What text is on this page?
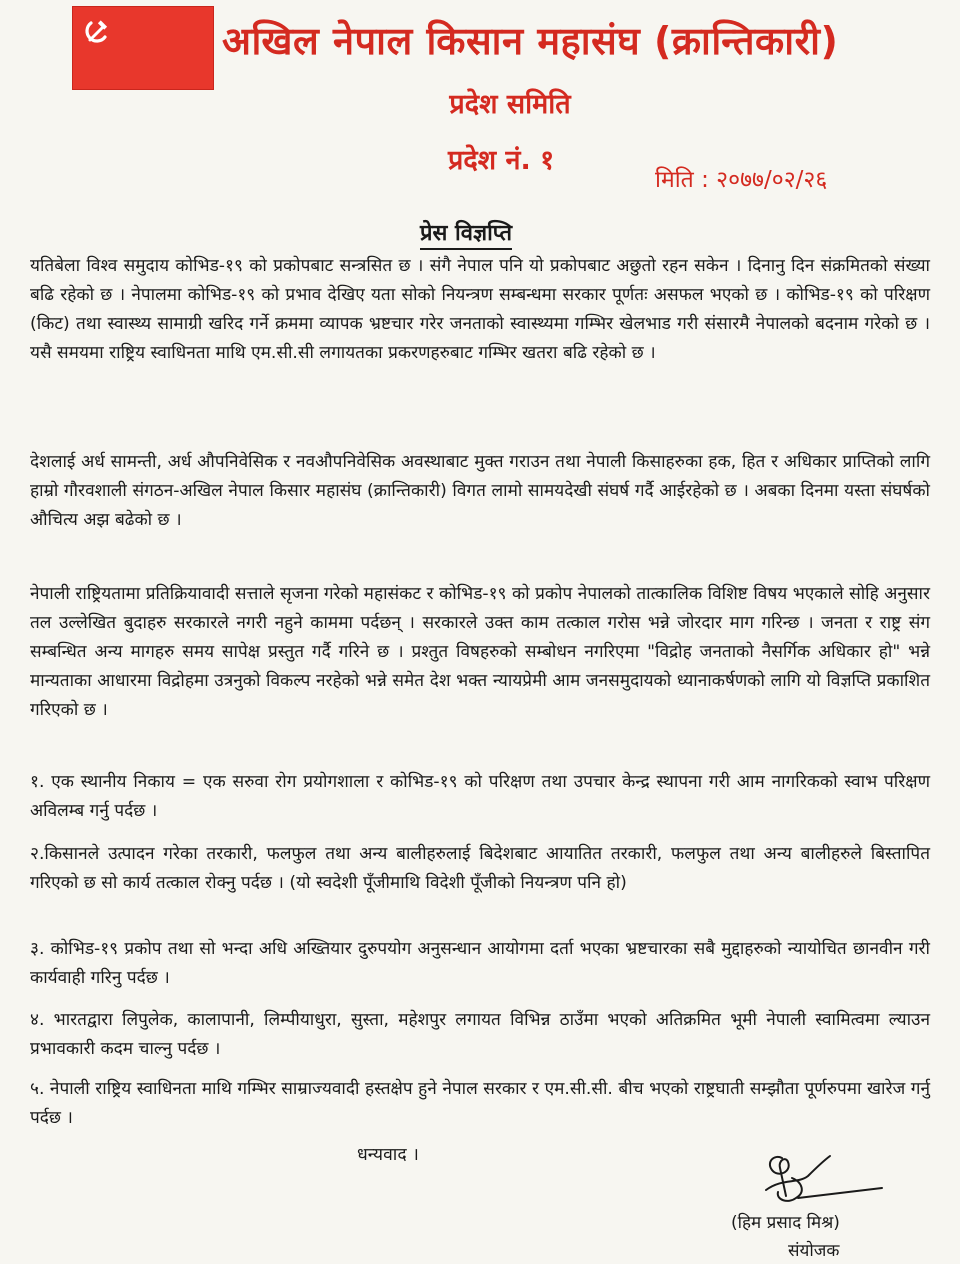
अखिल नेपाल किसान महासंघ (क्रान्तिकारी)
प्रदेश समिति
प्रदेश नं. १
मिति : २०७७/०२/२६
प्रेस विज्ञप्ति
यतिबेला विश्व समुदाय कोभिड-१९ को प्रकोपबाट सन्त्रसित छ । संगै नेपाल पनि यो प्रकोपबाट अछुतो रहन सकेन । दिनानु दिन संक्रमितको संख्या बढि रहेको छ । नेपालमा कोभिड-१९ को प्रभाव देखिए यता सोको नियन्त्रण सम्बन्धमा सरकार पूर्णतः असफल भएको छ । कोभिड-१९ को परिक्षण (किट) तथा स्वास्थ्य सामाग्री खरिद गर्ने क्रममा व्यापक भ्रष्टचार गरेर जनताको स्वास्थ्यमा गम्भिर खेलभाड गरी संसारमै नेपालको बदनाम गरेको छ । यसै समयमा राष्ट्रिय स्वाधिनता माथि एम.सी.सी लगायतका प्रकरणहरुबाट गम्भिर खतरा बढि रहेको छ ।
देशलाई अर्ध सामन्ती, अर्ध औपनिवेसिक र नवऔपनिवेसिक अवस्थाबाट मुक्त गराउन तथा नेपाली किसाहरुका हक, हित र अधिकार प्राप्तिको लागि हाम्रो गौरवशाली संगठन-अखिल नेपाल किसार महासंघ (क्रान्तिकारी) विगत लामो सामयदेखी संघर्ष गर्दै आईरहेको छ । अबका दिनमा यस्ता संघर्षको औचित्य अझ बढेको छ ।
नेपाली राष्ट्रियतामा प्रतिक्रियावादी सत्ताले सृजना गरेको महासंकट र कोभिड-१९ को प्रकोप नेपालको तात्कालिक विशिष्ट विषय भएकाले सोहि अनुसार तल उल्लेखित बुदाहरु सरकारले नगरी नहुने काममा पर्दछन् । सरकारले उक्त काम तत्काल गरोस भन्ने जोरदार माग गरिन्छ । जनता र राष्ट्र संग सम्बन्धित अन्य मागहरु समय सापेक्ष प्रस्तुत गर्दै गरिने छ । प्रश्तुत विषहरुको सम्बोधन नगरिएमा "विद्रोह जनताको नैसर्गिक अधिकार हो" भन्ने मान्यताका आधारमा विद्रोहमा उत्रनुको विकल्प नरहेको भन्ने समेत देश भक्त न्यायप्रेमी आम जनसमुदायको ध्यानाकर्षणको लागि यो विज्ञप्ति प्रकाशित गरिएको छ ।
१. एक स्थानीय निकाय = एक सरुवा रोग प्रयोगशाला र कोभिड-१९ को परिक्षण तथा उपचार केन्द्र स्थापना गरी आम नागरिकको स्वाभ परिक्षण अविलम्ब गर्नु पर्दछ ।
२.किसानले उत्पादन गरेका तरकारी, फलफुल तथा अन्य बालीहरुलाई बिदेशबाट आयातित तरकारी, फलफुल तथा अन्य बालीहरुले बिस्तापित गरिएको छ सो कार्य तत्काल रोक्नु पर्दछ । (यो स्वदेशी पूँजीमाथि विदेशी पूँजीको नियन्त्रण पनि हो)
३. कोभिड-१९ प्रकोप तथा सो भन्दा अधि अख्तियार दुरुपयोग अनुसन्धान आयोगमा दर्ता भएका भ्रष्टचारका सबै मुद्दाहरुको न्यायोचित छानवीन गरी कार्यवाही गरिनु पर्दछ ।
४. भारतद्वारा लिपुलेक, कालापानी, लिम्पीयाधुरा, सुस्ता, महेशपुर लगायत विभिन्न ठाउँमा भएको अतिक्रमित भूमी नेपाली स्वामित्वमा ल्याउन प्रभावकारी कदम चाल्नु पर्दछ ।
५. नेपाली राष्ट्रिय स्वाधिनता माथि गम्भिर साम्राज्यवादी हस्तक्षेप हुने नेपाल सरकार र एम.सी.सी. बीच भएको राष्ट्रघाती सम्झौता पूर्णरुपमा खारेज गर्नु पर्दछ ।
धन्यवाद ।
(हिम प्रसाद मिश्र)
संयोजक
